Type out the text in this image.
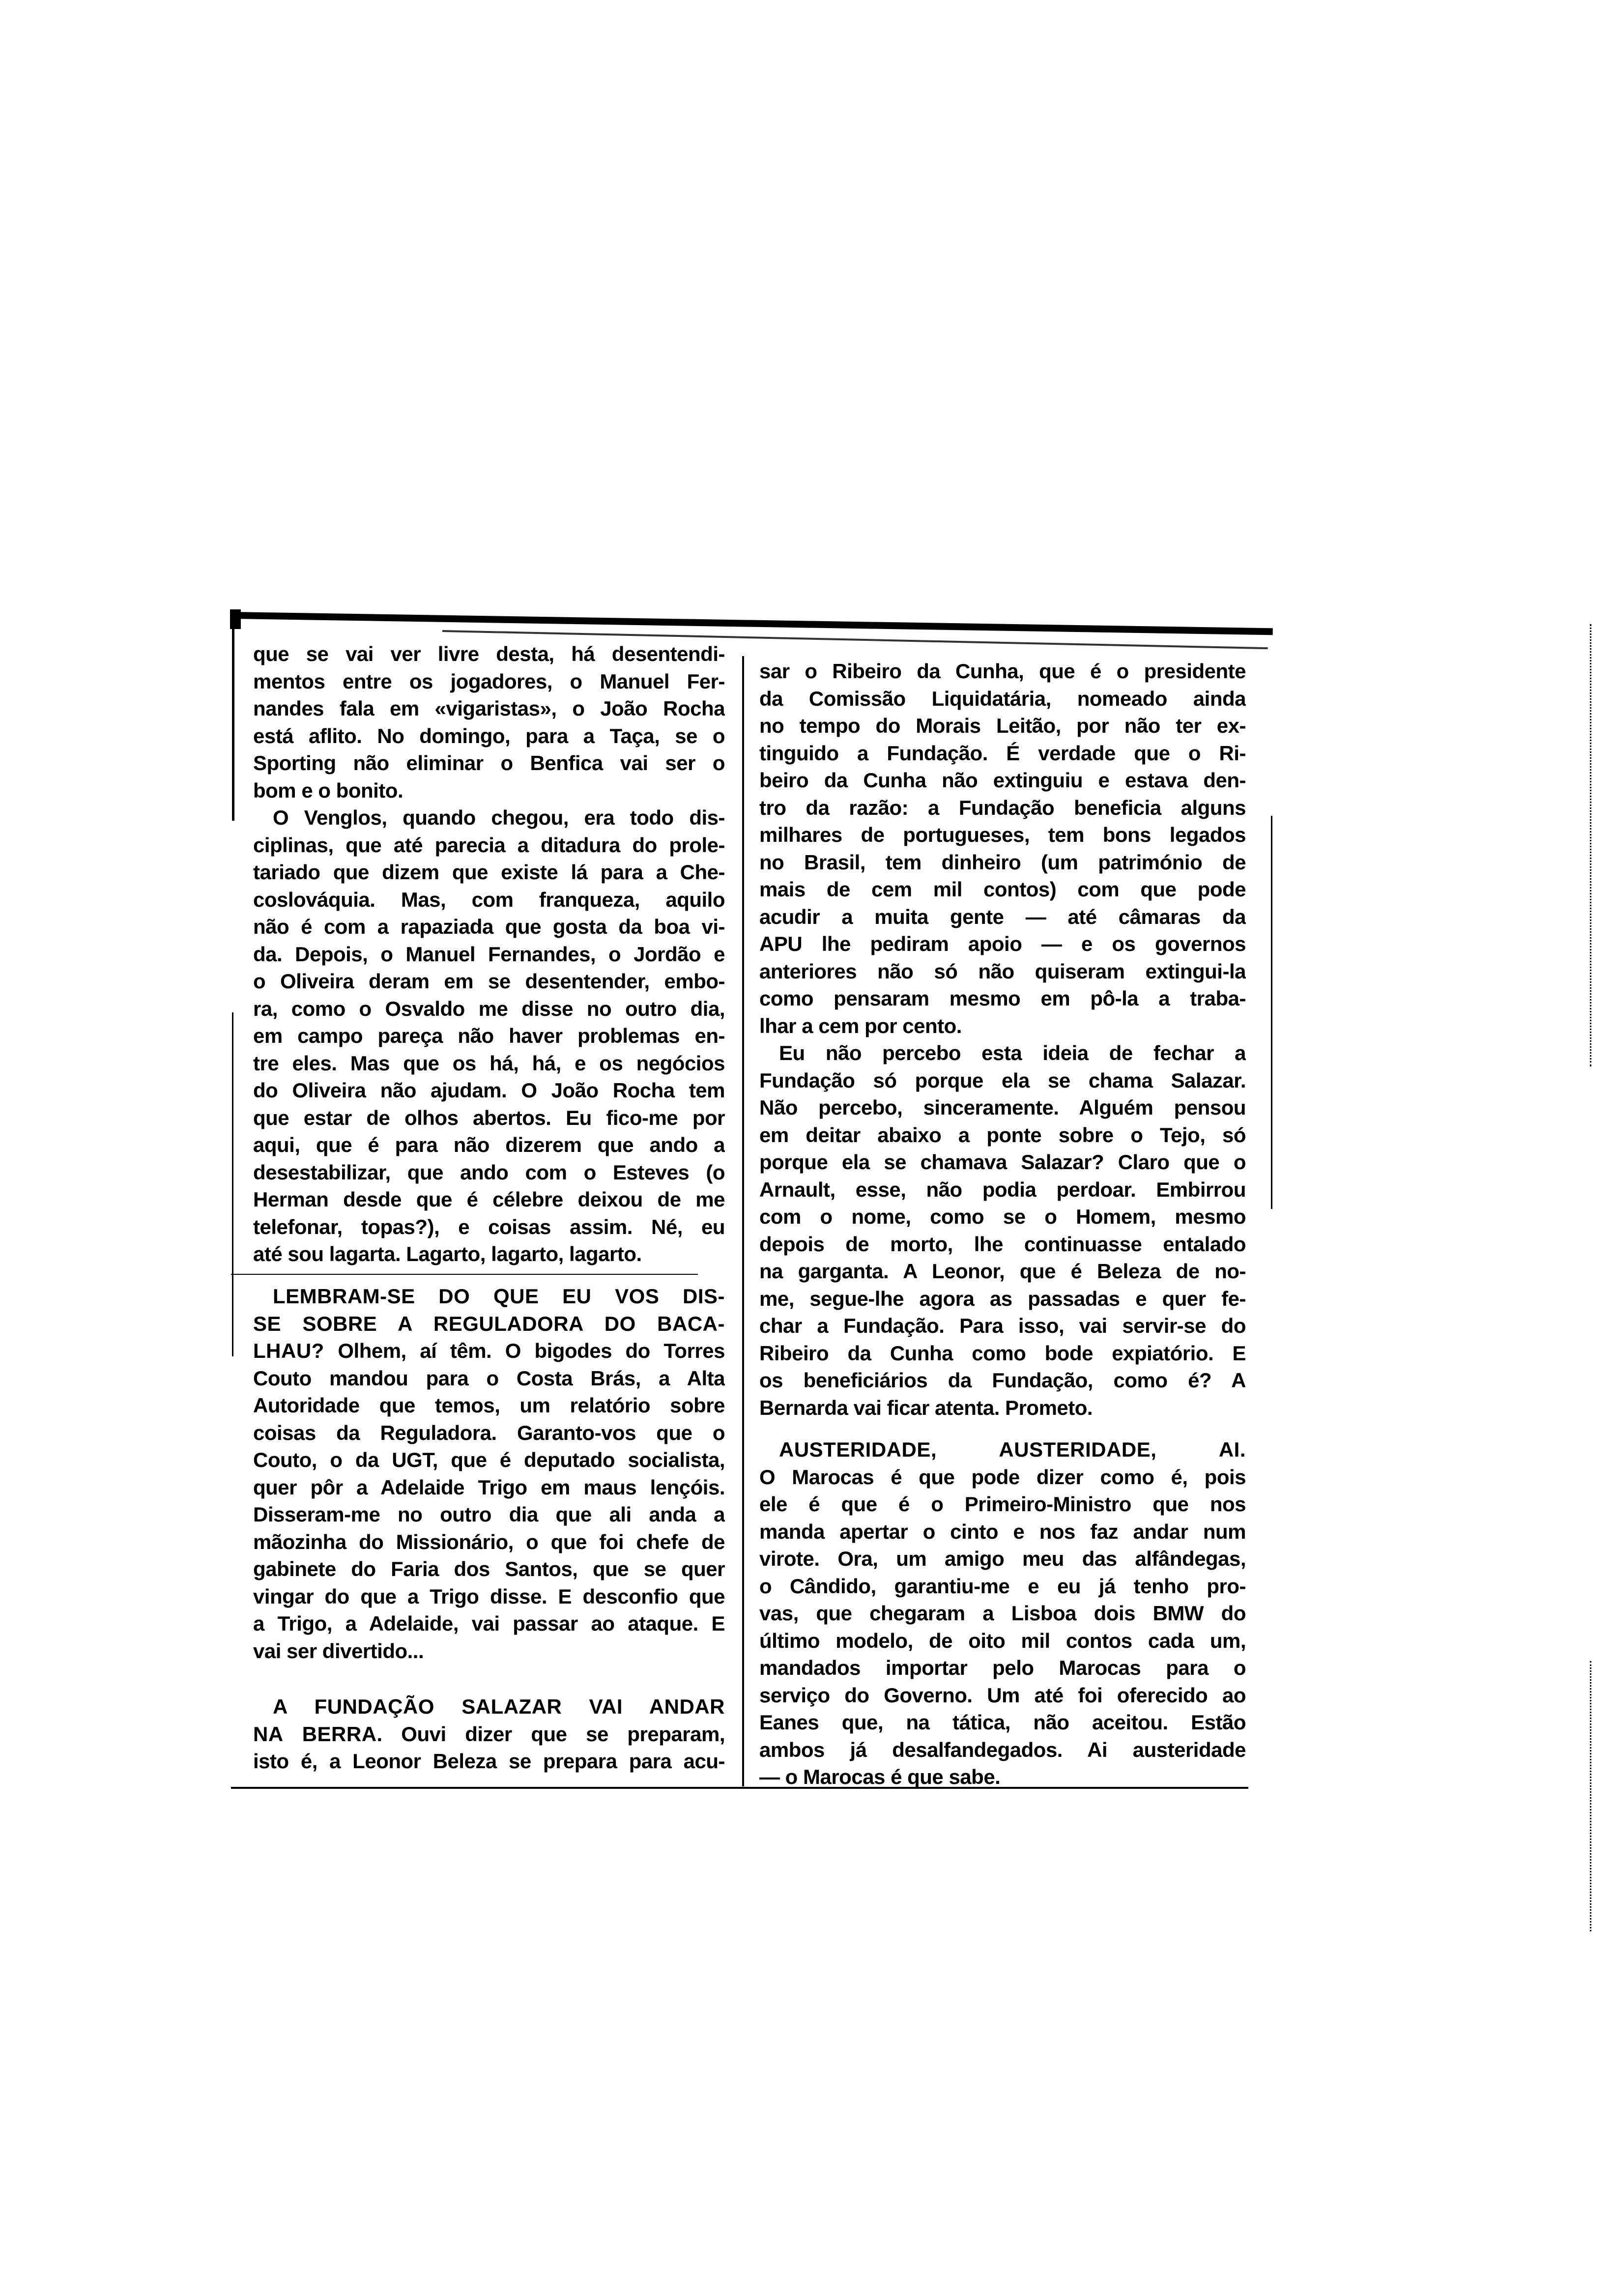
que se vai ver livre desta, há desentendi-
mentos entre os jogadores, o Manuel Fer-
nandes fala em «vigaristas», o João Rocha
está aflito. No domingo, para a Taça, se o
Sporting não eliminar o Benfica vai ser o
bom e o bonito.
O Venglos, quando chegou, era todo dis-
ciplinas, que até parecia a ditadura do prole-
tariado que dizem que existe lá para a Che-
coslováquia. Mas, com franqueza, aquilo
não é com a rapaziada que gosta da boa vi-
da. Depois, o Manuel Fernandes, o Jordão e
o Oliveira deram em se desentender, embo-
ra, como o Osvaldo me disse no outro dia,
em campo pareça não haver problemas en-
tre eles. Mas que os há, há, e os negócios
do Oliveira não ajudam. O João Rocha tem
que estar de olhos abertos. Eu fico-me por
aqui, que é para não dizerem que ando a
desestabilizar, que ando com o Esteves (o
Herman desde que é célebre deixou de me
telefonar, topas?), e coisas assim. Né, eu
até sou lagarta. Lagarto, lagarto, lagarto.
LEMBRAM-SE DO QUE EU VOS DIS-
SE SOBRE A REGULADORA DO BACA-
LHAU? Olhem, aí têm. O bigodes do Torres
Couto mandou para o Costa Brás, a Alta
Autoridade que temos, um relatório sobre
coisas da Reguladora. Garanto-vos que o
Couto, o da UGT, que é deputado socialista,
quer pôr a Adelaide Trigo em maus lençóis.
Disseram-me no outro dia que ali anda a
mãozinha do Missionário, o que foi chefe de
gabinete do Faria dos Santos, que se quer
vingar do que a Trigo disse. E desconfio que
a Trigo, a Adelaide, vai passar ao ataque. E
vai ser divertido...
A FUNDAÇÃO SALAZAR VAI ANDAR
NA BERRA. Ouvi dizer que se preparam,
isto é, a Leonor Beleza se prepara para acu-
sar o Ribeiro da Cunha, que é o presidente
da Comissão Liquidatária, nomeado ainda
no tempo do Morais Leitão, por não ter ex-
tinguido a Fundação. É verdade que o Ri-
beiro da Cunha não extinguiu e estava den-
tro da razão: a Fundação beneficia alguns
milhares de portugueses, tem bons legados
no Brasil, tem dinheiro (um património de
mais de cem mil contos) com que pode
acudir a muita gente — até câmaras da
APU lhe pediram apoio — e os governos
anteriores não só não quiseram extingui-la
como pensaram mesmo em pô-la a traba-
lhar a cem por cento.
Eu não percebo esta ideia de fechar a
Fundação só porque ela se chama Salazar.
Não percebo, sinceramente. Alguém pensou
em deitar abaixo a ponte sobre o Tejo, só
porque ela se chamava Salazar? Claro que o
Arnault, esse, não podia perdoar. Embirrou
com o nome, como se o Homem, mesmo
depois de morto, lhe continuasse entalado
na garganta. A Leonor, que é Beleza de no-
me, segue-lhe agora as passadas e quer fe-
char a Fundação. Para isso, vai servir-se do
Ribeiro da Cunha como bode expiatório. E
os beneficiários da Fundação, como é? A
Bernarda vai ficar atenta. Prometo.
AUSTERIDADE, AUSTERIDADE, AI.
O Marocas é que pode dizer como é, pois
ele é que é o Primeiro-Ministro que nos
manda apertar o cinto e nos faz andar num
virote. Ora, um amigo meu das alfândegas,
o Cândido, garantiu-me e eu já tenho pro-
vas, que chegaram a Lisboa dois BMW do
último modelo, de oito mil contos cada um,
mandados importar pelo Marocas para o
serviço do Governo. Um até foi oferecido ao
Eanes que, na tática, não aceitou. Estão
ambos já desalfandegados. Ai austeridade
— o Marocas é que sabe.
